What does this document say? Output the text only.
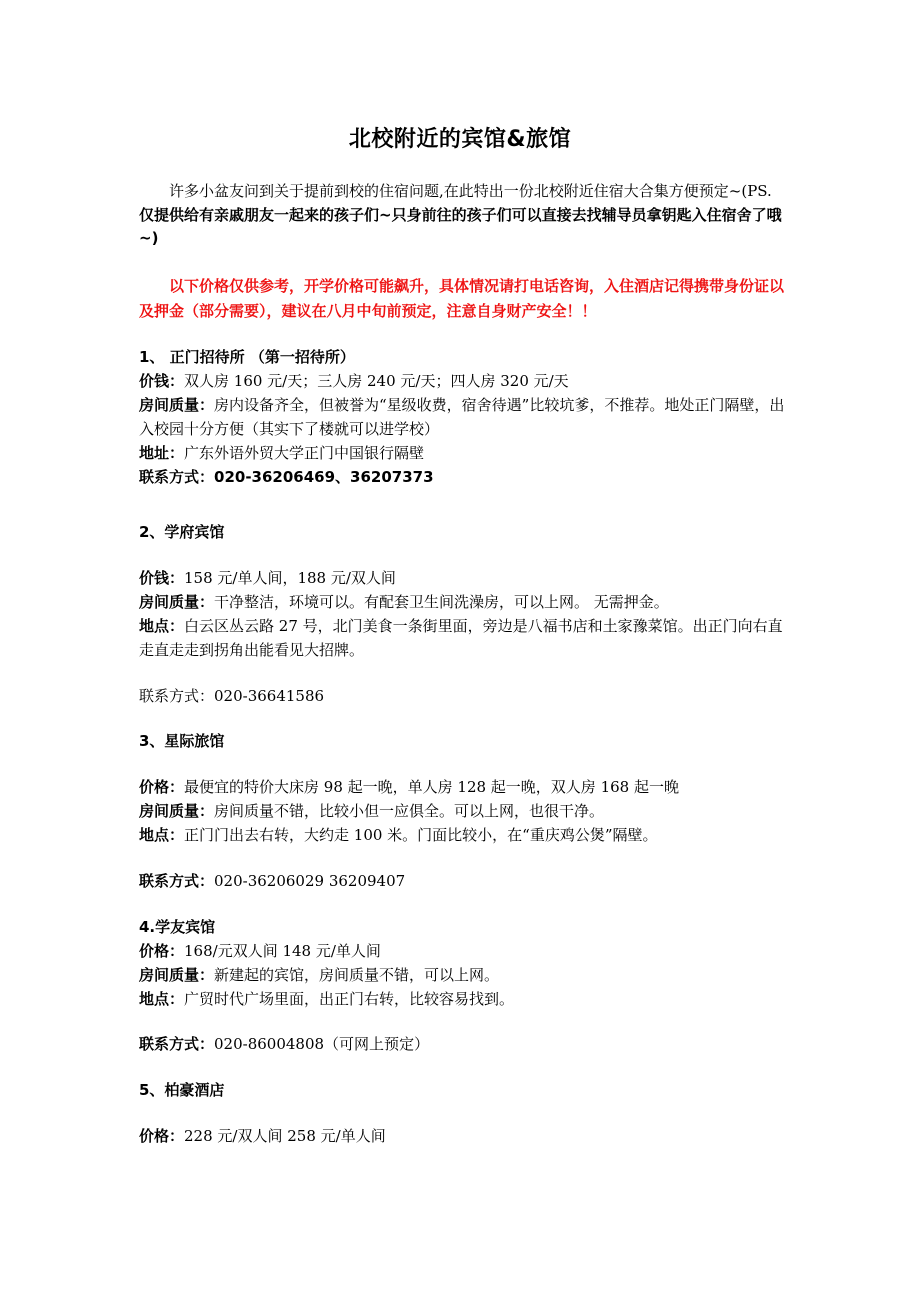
北校附近的宾馆&旅馆
许多小盆友问到关于提前到校的住宿问题,在此特出一份北校附近住宿大合集方便预定~(PS.仅提供给有亲戚朋友一起来的孩子们~只身前往的孩子们可以直接去找辅导员拿钥匙入住宿舍了哦~)
以下价格仅供参考，开学价格可能飙升，具体情况请打电话咨询，入住酒店记得携带身份证以及押金（部分需要），建议在八月中旬前预定，注意自身财产安全！！
1、 正门招待所 （第一招待所）
价钱：双人房 160 元/天；三人房 240 元/天；四人房 320 元/天
房间质量：房内设备齐全，但被誉为“星级收费，宿舍待遇”比较坑爹，不推荐。地处正门隔壁，出入校园十分方便（其实下了楼就可以进学校）
地址：广东外语外贸大学正门中国银行隔壁
联系方式：020-36206469、36207373
2、学府宾馆
价钱：158 元/单人间，188 元/双人间
房间质量：干净整洁，环境可以。有配套卫生间洗澡房，可以上网。 无需押金。
地点：白云区丛云路 27 号，北门美食一条街里面，旁边是八福书店和土家豫菜馆。出正门向右直走直走走到拐角出能看见大招牌。
联系方式：020-36641586
3、星际旅馆
价格：最便宜的特价大床房 98 起一晚，单人房 128 起一晚，双人房 168 起一晚
房间质量：房间质量不错，比较小但一应俱全。可以上网，也很干净。
地点：正门门出去右转，大约走 100 米。门面比较小，在“重庆鸡公煲”隔壁。
联系方式：020-36206029 36209407
4.学友宾馆
价格：168/元双人间 148 元/单人间
房间质量：新建起的宾馆，房间质量不错，可以上网。
地点：广贸时代广场里面，出正门右转，比较容易找到。
联系方式：020-86004808（可网上预定）
5、柏豪酒店
价格：228 元/双人间 258 元/单人间
